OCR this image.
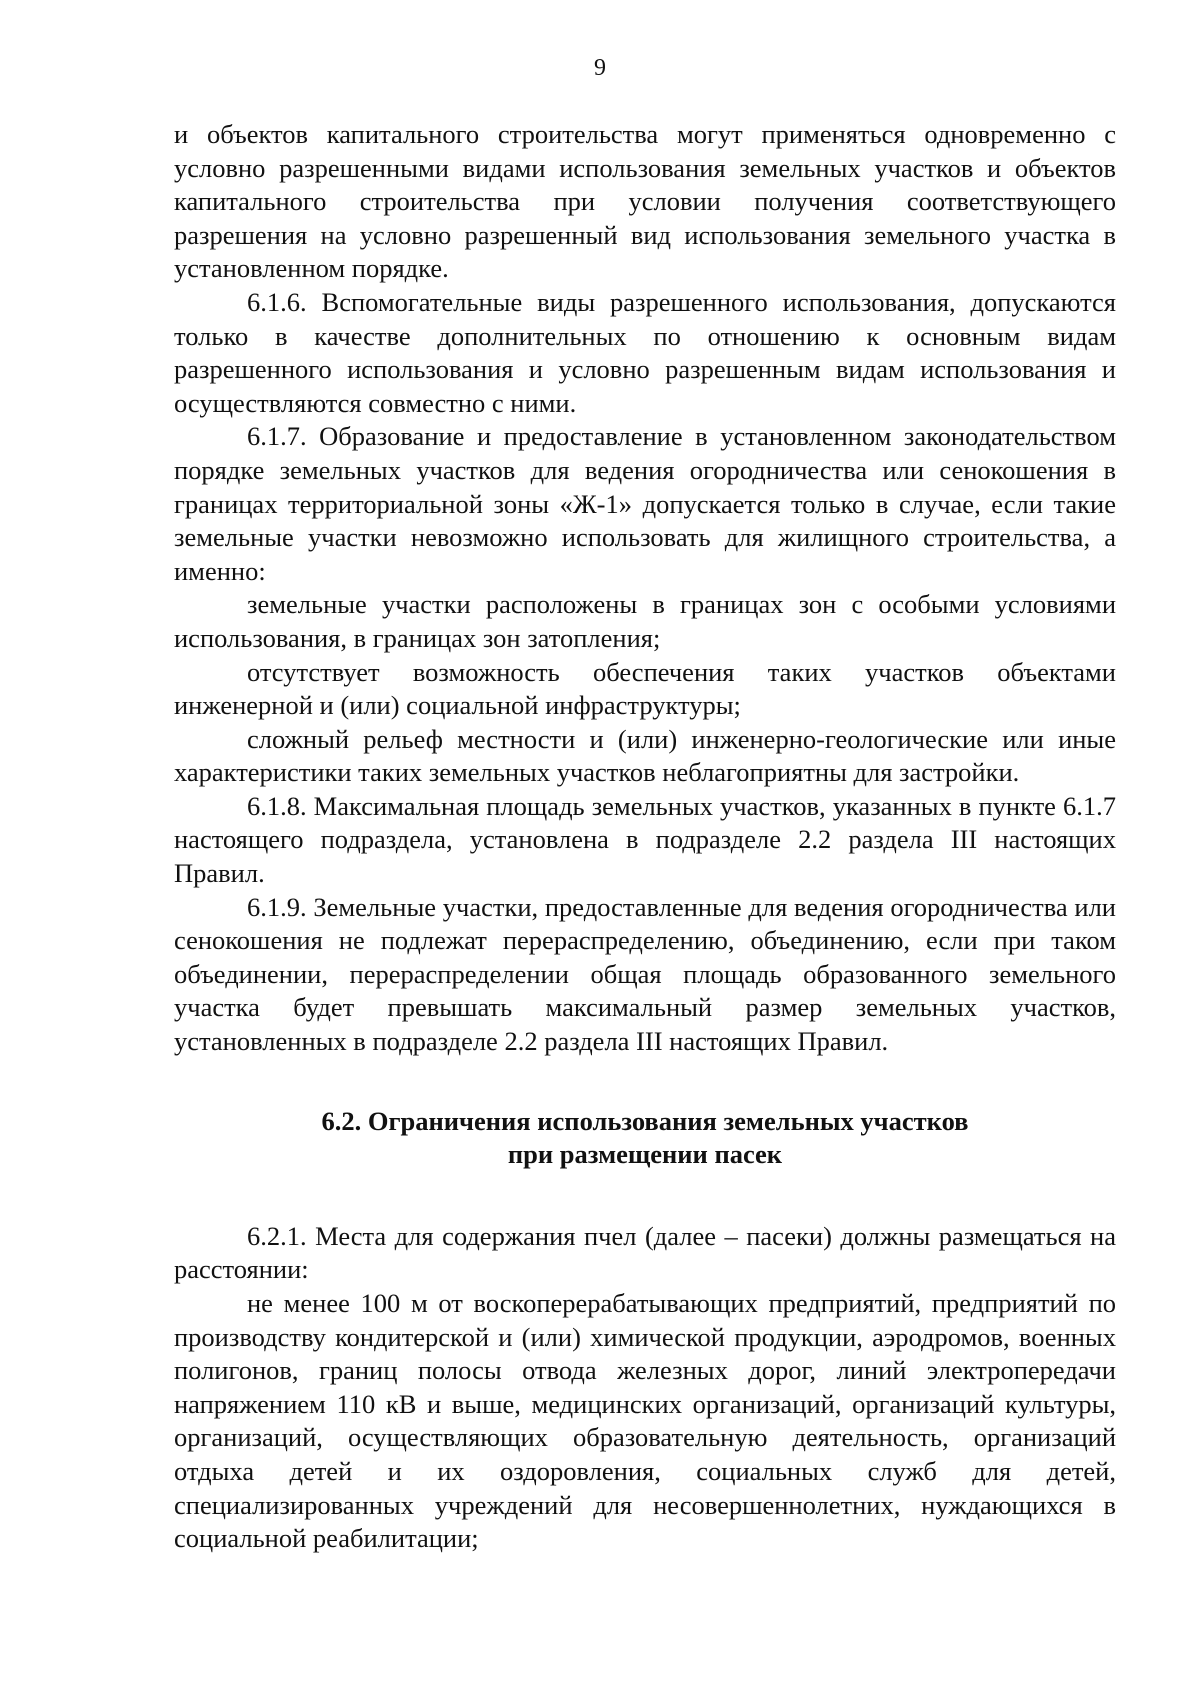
9

и объектов капитального строительства могут применяться одновременно с условно разрешенными видами использования земельных участков и объектов капитального строительства при условии получения соответствующего разрешения на условно разрешенный вид использования земельного участка в установленном порядке.

6.1.6. Вспомогательные виды разрешенного использования, допускаются только в качестве дополнительных по отношению к основным видам разрешенного использования и условно разрешенным видам использования и осуществляются совместно с ними.

6.1.7. Образование и предоставление в установленном законодательством порядке земельных участков для ведения огородничества или сенокошения в границах территориальной зоны «Ж-1» допускается только в случае, если такие земельные участки невозможно использовать для жилищного строительства, а именно:

земельные участки расположены в границах зон с особыми условиями использования, в границах зон затопления;

отсутствует возможность обеспечения таких участков объектами инженерной и (или) социальной инфраструктуры;

сложный рельеф местности и (или) инженерно-геологические или иные характеристики таких земельных участков неблагоприятны для застройки.

6.1.8. Максимальная площадь земельных участков, указанных в пункте 6.1.7 настоящего подраздела, установлена в подразделе 2.2 раздела III настоящих Правил.

6.1.9. Земельные участки, предоставленные для ведения огородничества или сенокошения не подлежат перераспределению, объединению, если при таком объединении, перераспределении общая площадь образованного земельного участка будет превышать максимальный размер земельных участков, установленных в подразделе 2.2 раздела III настоящих Правил.

6.2. Ограничения использования земельных участков
при размещении пасек

6.2.1. Места для содержания пчел (далее – пасеки) должны размещаться на расстоянии:

не менее 100 м от воскоперерабатывающих предприятий, предприятий по производству кондитерской и (или) химической продукции, аэродромов, военных полигонов, границ полосы отвода железных дорог, линий электропередачи напряжением 110 кВ и выше, медицинских организаций, организаций культуры, организаций, осуществляющих образовательную деятельность, организаций отдыха детей и их оздоровления, социальных служб для детей, специализированных учреждений для несовершеннолетних, нуждающихся в социальной реабилитации;
